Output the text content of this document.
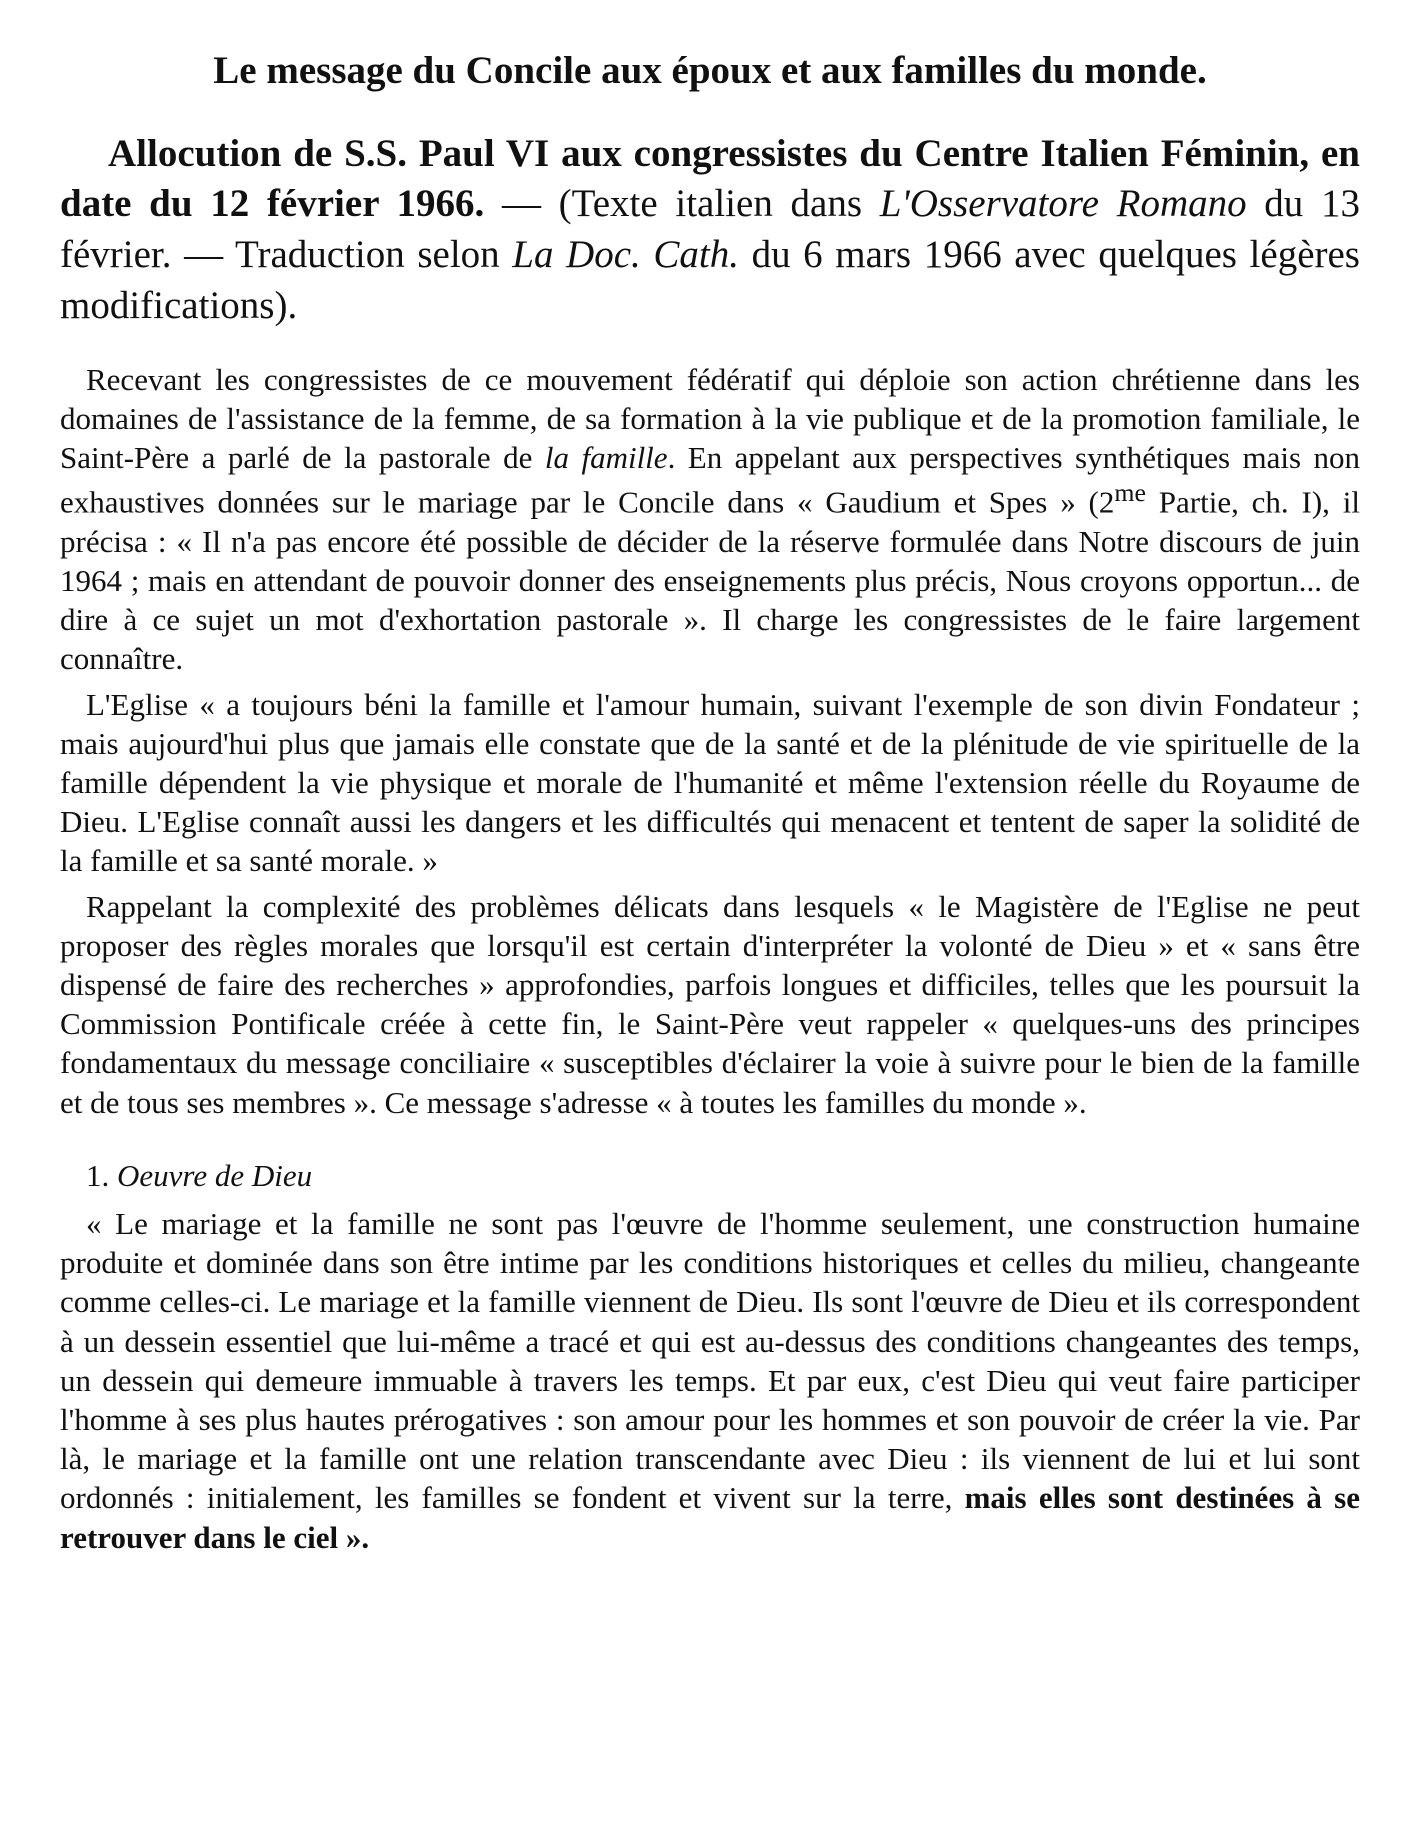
Le message du Concile aux époux et aux familles du monde.

Allocution de S.S. Paul VI aux congressistes du Centre Italien Féminin, en date du 12 février 1966. — (Texte italien dans L'Osservatore Romano du 13 février. — Traduction selon La Doc. Cath. du 6 mars 1966 avec quelques légères modifications).

Recevant les congressistes de ce mouvement fédératif qui déploie son action chrétienne dans les domaines de l'assistance de la femme, de sa formation à la vie publique et de la promotion familiale, le Saint-Père a parlé de la pastorale de la famille. En appelant aux perspectives synthétiques mais non exhaustives données sur le mariage par le Concile dans « Gaudium et Spes » ($2^{me}$ Partie, ch. I), il précisa : « Il n'a pas encore été possible de décider de la réserve formulée dans Notre discours de juin 1964 ; mais en attendant de pouvoir donner des enseignements plus précis, Nous croyons opportun... de dire à ce sujet un mot d'exhortation pastorale ». Il charge les congressistes de le faire largement connaître.

L'Eglise « a toujours béni la famille et l'amour humain, suivant l'exemple de son divin Fondateur ; mais aujourd'hui plus que jamais elle constate que de la santé et de la plénitude de vie spirituelle de la famille dépendent la vie physique et morale de l'humanité et même l'extension réelle du Royaume de Dieu. L'Eglise connaît aussi les dangers et les difficultés qui menacent et tentent de saper la solidité de la famille et sa santé morale. »

Rappelant la complexité des problèmes délicats dans lesquels « le Magistère de l'Eglise ne peut proposer des règles morales que lorsqu'il est certain d'interpréter la volonté de Dieu » et « sans être dispensé de faire des recherches » approfondies, parfois longues et difficiles, telles que les poursuit la Commission Pontificale créée à cette fin, le Saint-Père veut rappeler « quelques-uns des principes fondamentaux du message conciliaire « susceptibles d'éclairer la voie à suivre pour le bien de la famille et de tous ses membres ». Ce message s'adresse « à toutes les familles du monde ».

1. Oeuvre de Dieu

« Le mariage et la famille ne sont pas l'œuvre de l'homme seulement, une construction humaine produite et dominée dans son être intime par les conditions historiques et celles du milieu, changeante comme celles-ci. Le mariage et la famille viennent de Dieu. Ils sont l'œuvre de Dieu et ils correspondent à un dessein essentiel que lui-même a tracé et qui est au-dessus des conditions changeantes des temps, un dessein qui demeure immuable à travers les temps. Et par eux, c'est Dieu qui veut faire participer l'homme à ses plus hautes prérogatives : son amour pour les hommes et son pouvoir de créer la vie. Par là, le mariage et la famille ont une relation transcendante avec Dieu : ils viennent de lui et lui sont ordonnés : initialement, les familles se fondent et vivent sur la terre, mais elles sont destinées à se retrouver dans le ciel ».
